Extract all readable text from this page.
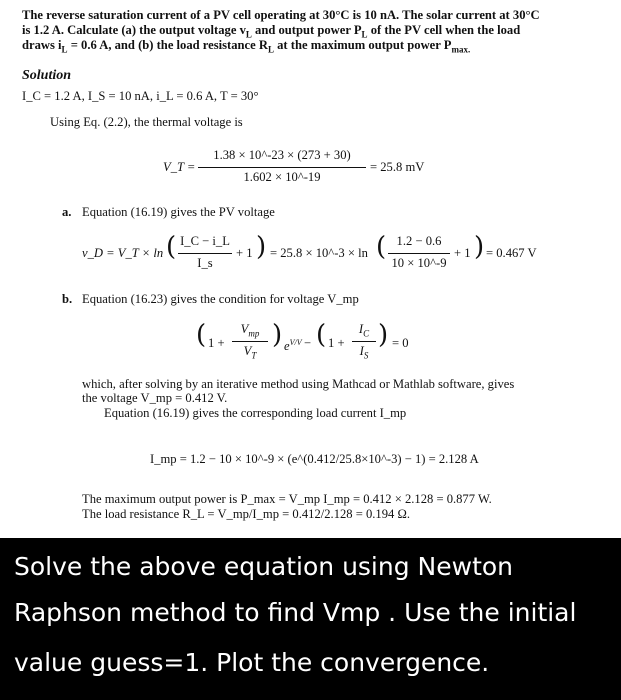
The reverse saturation current of a PV cell operating at 30°C is 10 nA. The solar current at 30°C
is 1.2 A. Calculate (a) the output voltage $v_L$ and output power $P_L$ of the PV cell when the load
draws $i_L = 0.6$ A, and (b) the load resistance $R_L$ at the maximum output power $P_{max.}$
Solution
I_C = 1.2 A, I_S = 10 nA, i_L = 0.6 A, T = 30°
Using Eq. (2.2), the thermal voltage is
V_T =
1.38 × 10^-23 × (273 + 30)
1.602 × 10^-19
= 25.8 mV
a. Equation (16.19) gives the PV voltage
v_D = V_T × ln ( I_C − i_L
I_s
+ 1 ) = 25.8 × 10^-3 × ln ( 1.2 − 0.6
10 × 10^-9
+ 1 ) = 0.467 V
b. Equation (16.23) gives the condition for voltage V_mp
( 1 +
$V_{mp}$
$V_T$
) $e^{V/V}$ − ( 1 +
$I_C$
$I_S$
) = 0
which, after solving by an iterative method using Mathcad or Mathlab software, gives
the voltage V_mp = 0.412 V.
Equation (16.19) gives the corresponding load current I_mp
I_mp = 1.2 − 10 × 10^-9 × (e^(0.412/25.8×10^-3) − 1) = 2.128 A
The maximum output power is P_max = V_mp I_mp = 0.412 × 2.128 = 0.877 W.
The load resistance R_L = V_mp/I_mp = 0.412/2.128 = 0.194 Ω.
Solve the above equation using Newton
Raphson method to find Vmp . Use the initial
value guess=1. Plot the convergence.
